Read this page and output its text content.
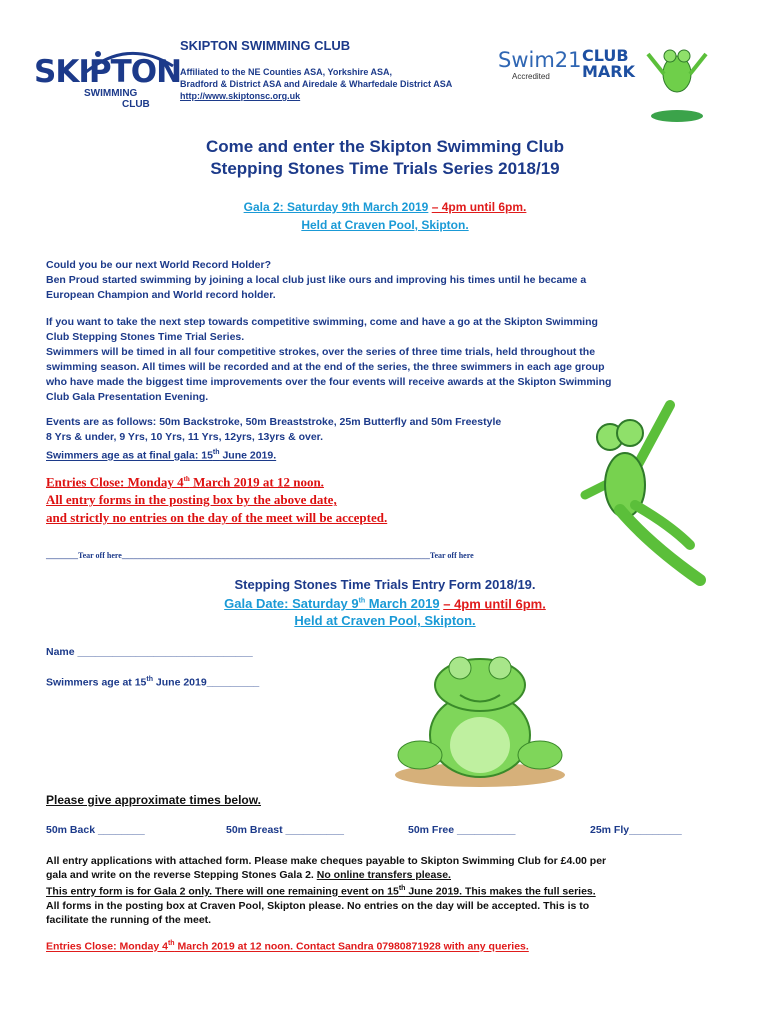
SKIPTON
SWIMMING
CLUB
SKIPTON SWIMMING CLUB
Affiliated to the NE Counties ASA, Yorkshire ASA,
Bradford & District ASA and Airedale & Wharfedale District ASA
http://www.skiptonsc.org.uk
Swim21
Accredited
CLUB
MARK
Come and enter the Skipton Swimming Club
Stepping Stones Time Trials Series 2018/19
Gala 2: Saturday 9th March 2019 – 4pm until 6pm.
Held at Craven Pool, Skipton.
Could you be our next World Record Holder?
Ben Proud started swimming by joining a local club just like ours and improving his times until he became a
European Champion and World record holder.
If you want to take the next step towards competitive swimming, come and have a go at the Skipton Swimming
Club Stepping Stones Time Trial Series.
Swimmers will be timed in all four competitive strokes, over the series of three time trials, held throughout the
swimming season. All times will be recorded and at the end of the series, the three swimmers in each age group
who have made the biggest time improvements over the four events will receive awards at the Skipton Swimming
Club Gala Presentation Evening.
Events are as follows: 50m Backstroke, 50m Breaststroke, 25m Butterfly and 50m Freestyle
8 Yrs & under, 9 Yrs, 10 Yrs, 11 Yrs, 12yrs, 13yrs & over.
Swimmers age as at final gala: 15th June 2019.
Entries Close: Monday 4th March 2019 at 12 noon.
All entry forms in the posting box by the above date,
and strictly no entries on the day of the meet will be accepted.
________Tear off here_____________________________________________________________________________Tear off here
Stepping Stones Time Trials Entry Form 2018/19.
Gala Date: Saturday 9th March 2019 – 4pm until 6pm.
Held at Craven Pool, Skipton.
Name ______________________________
Swimmers age at 15th June 2019_________
Please give approximate times below.
50m Back ________	50m Breast __________	50m Free __________	25m Fly_________
All entry applications with attached form. Please make cheques payable to Skipton Swimming Club for £4.00 per
gala and write on the reverse Stepping Stones Gala 2. No online transfers please.
This entry form is for Gala 2 only. There will one remaining event on 15th June 2019. This makes the full series.
All forms in the posting box at Craven Pool, Skipton please. No entries on the day will be accepted. This is to
facilitate the running of the meet.
Entries Close: Monday 4th March 2019 at 12 noon. Contact Sandra 07980871928 with any queries.
